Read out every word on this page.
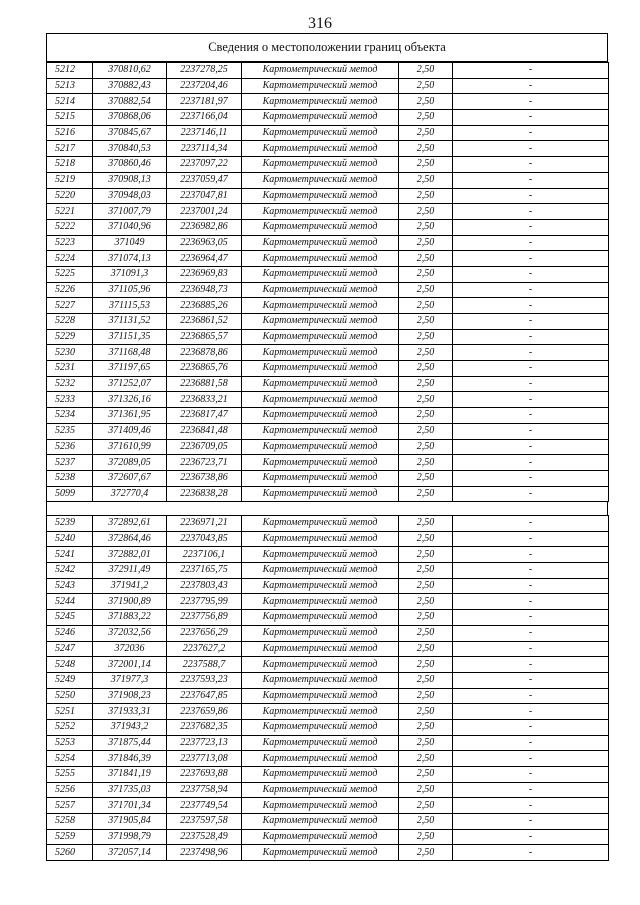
316
Сведения о местоположении границ объекта
5212	370810,62	2237278,25	Картометрический метод	2,50	-
5213	370882,43	2237204,46	Картометрический метод	2,50	-
5214	370882,54	2237181,97	Картометрический метод	2,50	-
5215	370868,06	2237166,04	Картометрический метод	2,50	-
5216	370845,67	2237146,11	Картометрический метод	2,50	-
5217	370840,53	2237114,34	Картометрический метод	2,50	-
5218	370860,46	2237097,22	Картометрический метод	2,50	-
5219	370908,13	2237059,47	Картометрический метод	2,50	-
5220	370948,03	2237047,81	Картометрический метод	2,50	-
5221	371007,79	2237001,24	Картометрический метод	2,50	-
5222	371040,96	2236982,86	Картометрический метод	2,50	-
5223	371049	2236963,05	Картометрический метод	2,50	-
5224	371074,13	2236964,47	Картометрический метод	2,50	-
5225	371091,3	2236969,83	Картометрический метод	2,50	-
5226	371105,96	2236948,73	Картометрический метод	2,50	-
5227	371115,53	2236885,26	Картометрический метод	2,50	-
5228	371131,52	2236861,52	Картометрический метод	2,50	-
5229	371151,35	2236865,57	Картометрический метод	2,50	-
5230	371168,48	2236878,86	Картометрический метод	2,50	-
5231	371197,65	2236865,76	Картометрический метод	2,50	-
5232	371252,07	2236881,58	Картометрический метод	2,50	-
5233	371326,16	2236833,21	Картометрический метод	2,50	-
5234	371361,95	2236817,47	Картометрический метод	2,50	-
5235	371409,46	2236841,48	Картометрический метод	2,50	-
5236	371610,99	2236709,05	Картометрический метод	2,50	-
5237	372089,05	2236723,71	Картометрический метод	2,50	-
5238	372607,67	2236738,86	Картометрический метод	2,50	-
5099	372770,4	2236838,28	Картометрический метод	2,50	-
5239	372892,61	2236971,21	Картометрический метод	2,50	-
5240	372864,46	2237043,85	Картометрический метод	2,50	-
5241	372882,01	2237106,1	Картометрический метод	2,50	-
5242	372911,49	2237165,75	Картометрический метод	2,50	-
5243	371941,2	2237803,43	Картометрический метод	2,50	-
5244	371900,89	2237795,99	Картометрический метод	2,50	-
5245	371883,22	2237756,89	Картометрический метод	2,50	-
5246	372032,56	2237656,29	Картометрический метод	2,50	-
5247	372036	2237627,2	Картометрический метод	2,50	-
5248	372001,14	2237588,7	Картометрический метод	2,50	-
5249	371977,3	2237593,23	Картометрический метод	2,50	-
5250	371908,23	2237647,85	Картометрический метод	2,50	-
5251	371933,31	2237659,86	Картометрический метод	2,50	-
5252	371943,2	2237682,35	Картометрический метод	2,50	-
5253	371875,44	2237723,13	Картометрический метод	2,50	-
5254	371846,39	2237713,08	Картометрический метод	2,50	-
5255	371841,19	2237693,88	Картометрический метод	2,50	-
5256	371735,03	2237758,94	Картометрический метод	2,50	-
5257	371701,34	2237749,54	Картометрический метод	2,50	-
5258	371905,84	2237597,58	Картометрический метод	2,50	-
5259	371998,79	2237528,49	Картометрический метод	2,50	-
5260	372057,14	2237498,96	Картометрический метод	2,50	-
